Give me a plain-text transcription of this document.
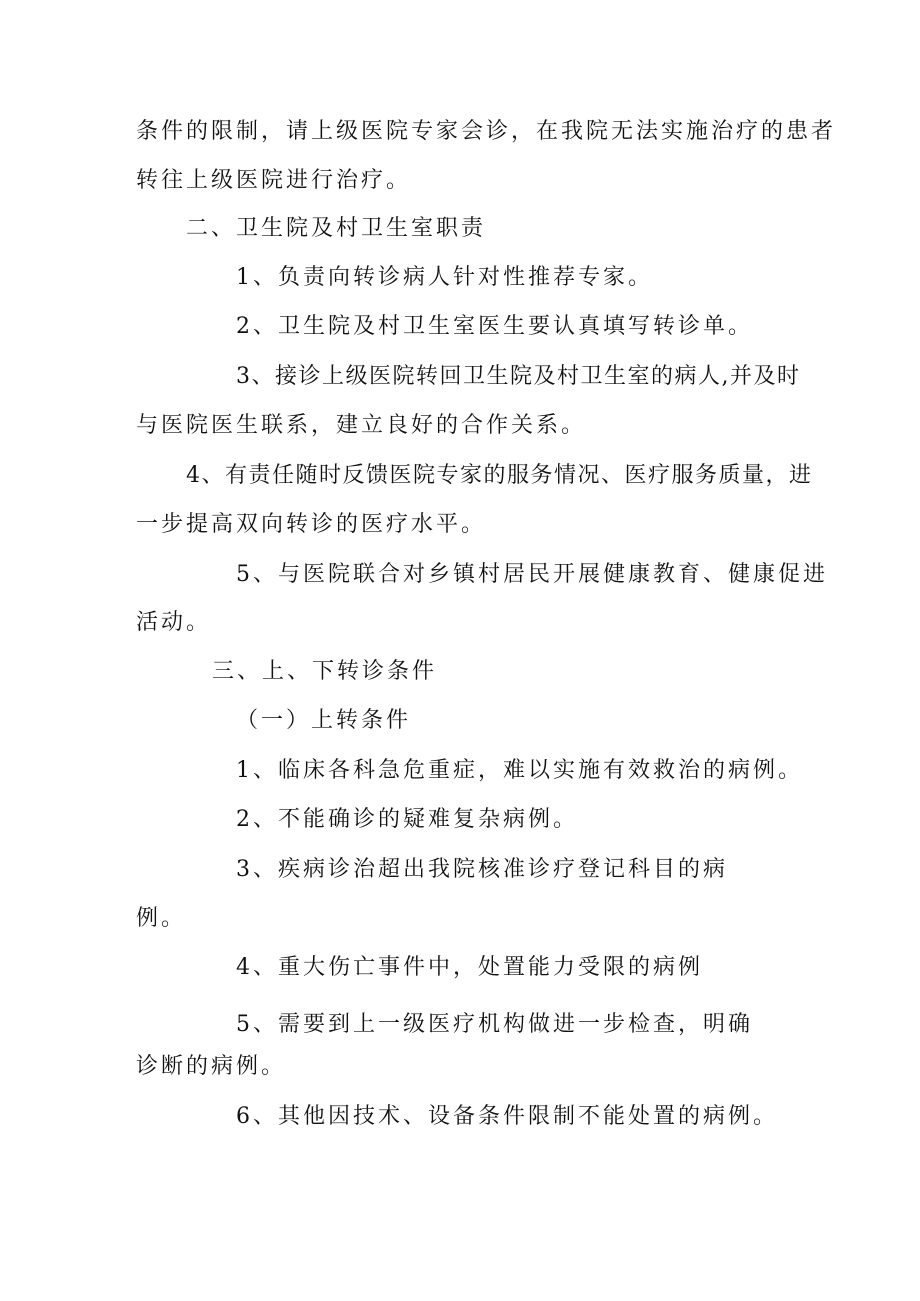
条件的限制，请上级医院专家会诊，在我院无法实施治疗的患者
转往上级医院进行治疗。
二、卫生院及村卫生室职责
1、负责向转诊病人针对性推荐专家。
2、卫生院及村卫生室医生要认真填写转诊单。
3、接诊上级医院转回卫生院及村卫生室的病人,并及时
与医院医生联系，建立良好的合作关系。
4、有责任随时反馈医院专家的服务情况、医疗服务质量，进
一步提高双向转诊的医疗水平。
5、与医院联合对乡镇村居民开展健康教育、健康促进
活动。
三、上、下转诊条件
（一）上转条件
1、临床各科急危重症，难以实施有效救治的病例。
2、不能确诊的疑难复杂病例。
3、疾病诊治超出我院核准诊疗登记科目的病
例。
4、重大伤亡事件中，处置能力受限的病例
5、需要到上一级医疗机构做进一步检查，明确
诊断的病例。
6、其他因技术、设备条件限制不能处置的病例。
